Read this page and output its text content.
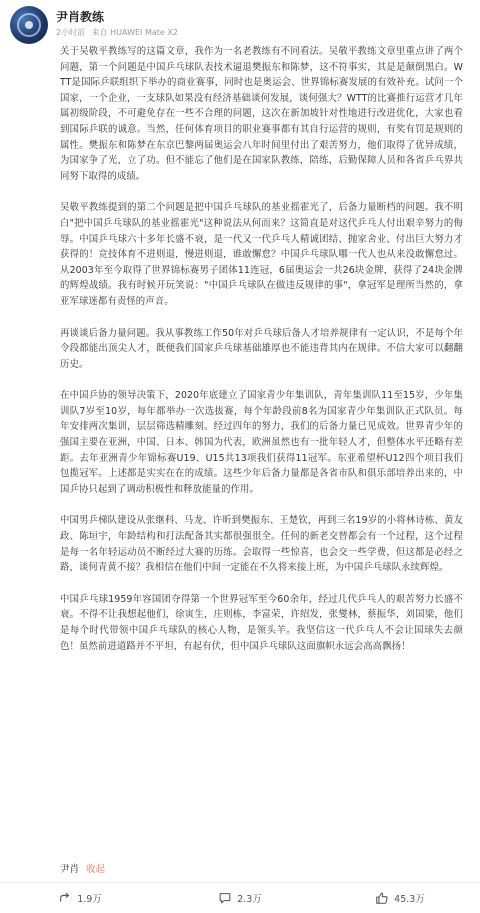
尹肖教练
2小时前 来自 HUAWEI Mate X2

关于吴敬平教练写的这篇文章，我作为一名老教练有不同看法。吴敬平教练文章里重点讲了两个问题，第一个问题是中国乒乓球队表技术逼退樊振东和陈梦，这不符事实，其是是颠倒黑白。WTT是国际乒联组织下举办的商业赛事，同时也是奥运会、世界锦标赛发展的有效补充。试问一个国家，一个企业，一支球队如果没有经济基础谈何发展，谈何强大？WTT的比赛推行运营才几年属初级阶段，不可避免存在一些不合理的问题，这次在新加坡针对性地进行改进优化，大家也看到国际乒联的诚意。当然，任何体育项目的职业赛事都有其自行运营的规则，有奖有罚是规则的属性。樊振东和陈梦在东京巴黎两届奥运会八年时间里付出了艰苦努力，他们取得了优异成绩，为国家争了光，立了功。但不能忘了他们是在国家队教练，陪练，后勤保障人员和各省乒乓界共同努下取得的成绩。

吴敬平教练提到的第二个问题是把中国乒乓球队的基业摇霍光了，后备力量断档的问题。我不明白"把中国乒乓球队的基业摇霍光"这种说法从何而来？这简直是对这代乒乓人付出艰辛努力的侮辱。中国乒乓球六十多年长盛不衰，是一代又一代乒乓人精诚团结、抛家舍业、付出巨大努力才获得的！竞技体育不进则退，慢进则退，谁敢懈怠？中国乒乓球队哪一代人也从来没敢懈怠过。从2003年至今取得了世界锦标赛男子团体11连冠，6届奥运会一共26块金牌，获得了24块金牌的辉煌战绩。我有时候开玩笑说："中国乒乓球队在做违反规律的事"，拿冠军是理所当然的，拿亚军球迷都有责怪的声音。

再谈谈后备力量问题。我从事教练工作50年对乒乓球后备人才培养规律有一定认识，不是每个年令段都能出顶尖人才，既便我们国家乒乓球基础雄厚也不能违背其内在规律。不信大家可以翻翻历史。

在中国乒协的领导决策下，2020年底建立了国家青少年集训队，青年集训队11至15岁，少年集训队7岁至10岁，每年都举办一次选拔赛，每个年龄段前8名为国家青少年集训队正式队员。每年安排两次集训，层层筛选精雕刻。经过四年的努力，我们的后备力量已见成效。世界青少年的强国主要在亚洲，中国、日本、韩国为代表，欧洲虽然也有一批年轻人才，但整体水平还略有差距。去年亚洲青少年锦标赛U19、U15共13项我们获得11冠军。东亚希望杯U12四个项目我们包揽冠军。上述都是实实在在的成绩。这些少年后备力量都是各省市队和俱乐部培养出来的，中国乒协只起到了调动积极性和释放能量的作用。

中国男乒梯队建设从张继科、马龙、许昕到樊振东、王楚钦，再到三名19岁的小将林诗栋、黄友政、陈垣宇，年龄结构和打法配备其实都很强很全。任何的新老交替都会有一个过程，这个过程是每一名年轻运动员不断经过大赛的历练。会取得一些惊喜，也会交一些学费，但这都是必经之路，谈何青黄不接？我相信在他们中间一定能在不久将来接上班，为中国乒乓球队永续辉煌。

中国乒乓球1959年容国团夺得第一个世界冠军至今60余年，经过几代乒乓人的艰苦努力长盛不衰。不得不让我想起他们，徐寅生，庄则栋，李富荣，许绍发，张燮林，蔡振华，刘国梁，他们是每个时代带领中国乒乓球队的核心人物，是领头羊。我坚信这一代乒乓人不会让国球失去颜色！虽然前进道路并不平坦，有起有伏，但中国乒乓球队这面旗帜永远会高高飘扬！

尹肖 收起
1.9万	2.3万	45.3万
